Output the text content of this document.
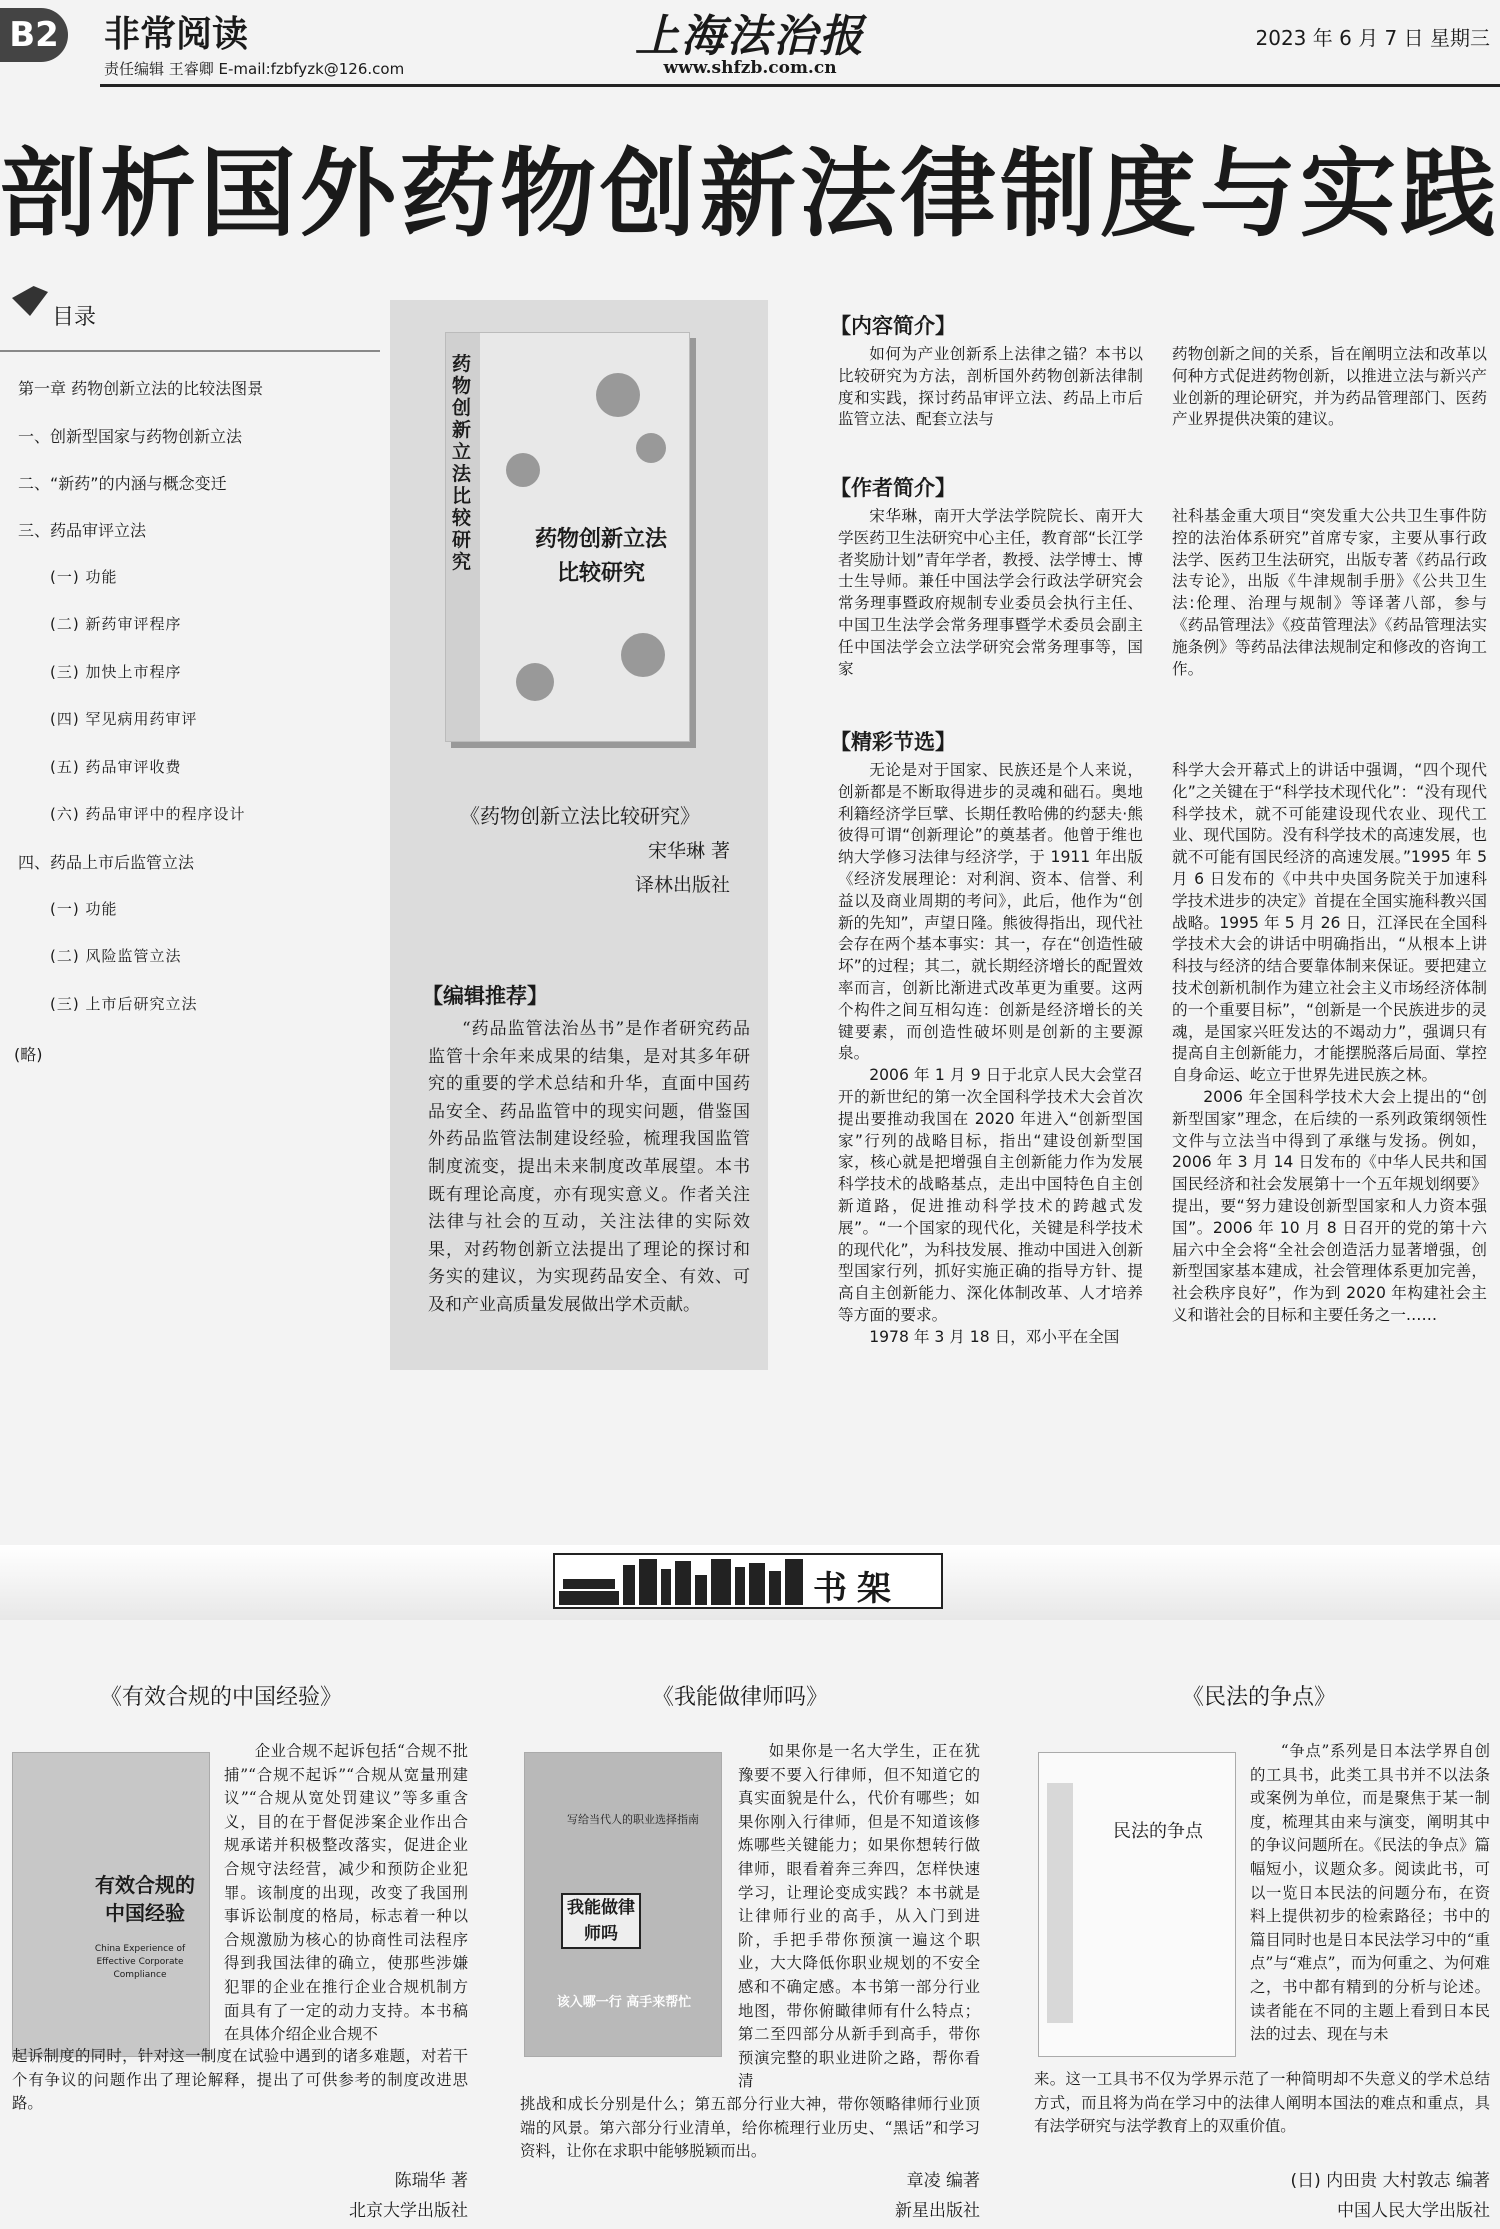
B2 非常阅读
责任编辑 王睿卿 E-mail:fzbfyzk@126.com
上海法治报
www.shfzb.com.cn
2023 年 6 月 7 日 星期三
剖析国外药物创新法律制度与实践
目录
第一章 药物创新立法的比较法图景
一、创新型国家与药物创新立法
二、“新药”的内涵与概念变迁
三、药品审评立法
(一) 功能
(二) 新药审评程序
(三) 加快上市程序
(四) 罕见病用药审评
(五) 药品审评收费
(六) 药品审评中的程序设计
四、药品上市后监管立法
(一) 功能
(二) 风险监管立法
(三) 上市后研究立法
(略)
药物创新立法比较研究
药物创新立法比较研究
《药物创新立法比较研究》
宋华琳 著
译林出版社
【编辑推荐】
“药品监管法治丛书”是作者研究药品监管十余年来成果的结集，是对其多年研究的重要的学术总结和升华，直面中国药品安全、药品监管中的现实问题，借鉴国外药品监管法制建设经验，梳理我国监管制度流变，提出未来制度改革展望。本书既有理论高度，亦有现实意义。作者关注法律与社会的互动，关注法律的实际效果，对药物创新立法提出了理论的探讨和务实的建议，为实现药品安全、有效、可及和产业高质量发展做出学术贡献。
【内容简介】

如何为产业创新系上法律之锚？本书以比较研究为方法，剖析国外药物创新法律制度和实践，探讨药品审评立法、药品上市后监管立法、配套立法与

药物创新之间的关系，旨在阐明立法和改革以何种方式促进药物创新，以推进立法与新兴产业创新的理论研究，并为药品管理部门、医药产业界提供决策的建议。
【作者简介】

宋华琳，南开大学法学院院长、南开大学医药卫生法研究中心主任，教育部“长江学者奖励计划”青年学者，教授、法学博士、博士生导师。兼任中国法学会行政法学研究会常务理事暨政府规制专业委员会执行主任、中国卫生法学会常务理事暨学术委员会副主任中国法学会立法学研究会常务理事等，国家

社科基金重大项目“突发重大公共卫生事件防控的法治体系研究”首席专家，主要从事行政法学、医药卫生法研究，出版专著《药品行政法专论》，出版《牛津规制手册》《公共卫生法:伦理、治理与规制》等译著八部，参与《药品管理法》《疫苗管理法》《药品管理法实施条例》等药品法律法规制定和修改的咨询工作。
【精彩节选】

无论是对于国家、民族还是个人来说，创新都是不断取得进步的灵魂和础石。奥地利籍经济学巨擘、长期任教哈佛的约瑟夫·熊彼得可谓“创新理论”的奠基者。他曾于维也纳大学修习法律与经济学，于 1911 年出版《经济发展理论：对利润、资本、信誉、利益以及商业周期的考问》，此后，他作为“创新的先知”，声望日隆。熊彼得指出，现代社会存在两个基本事实：其一，存在“创造性破坏”的过程；其二，就长期经济增长的配置效率而言，创新比渐进式改革更为重要。这两个构件之间互相勾连：创新是经济增长的关键要素，而创造性破坏则是创新的主要源泉。

2006 年 1 月 9 日于北京人民大会堂召开的新世纪的第一次全国科学技术大会首次提出要推动我国在 2020 年进入“创新型国家”行列的战略目标，指出“建设创新型国家，核心就是把增强自主创新能力作为发展科学技术的战略基点，走出中国特色自主创新道路，促进推动科学技术的跨越式发展”。“一个国家的现代化，关键是科学技术的现代化”，为科技发展、推动中国进入创新型国家行列，抓好实施正确的指导方针、提高自主创新能力、深化体制改革、人才培养等方面的要求。

1978 年 3 月 18 日，邓小平在全国

科学大会开幕式上的讲话中强调，“四个现代化”之关键在于“科学技术现代化”：“没有现代科学技术，就不可能建设现代农业、现代工业、现代国防。没有科学技术的高速发展，也就不可能有国民经济的高速发展。”1995 年 5 月 6 日发布的《中共中央国务院关于加速科学技术进步的决定》首提在全国实施科教兴国战略。1995 年 5 月 26 日，江泽民在全国科学技术大会的讲话中明确指出，“从根本上讲科技与经济的结合要靠体制来保证。要把建立技术创新机制作为建立社会主义市场经济体制的一个重要目标”，“创新是一个民族进步的灵魂，是国家兴旺发达的不竭动力”，强调只有提高自主创新能力，才能摆脱落后局面、掌控自身命运、屹立于世界先进民族之林。

2006 年全国科学技术大会上提出的“创新型国家”理念，在后续的一系列政策纲领性文件与立法当中得到了承继与发扬。例如，2006 年 3 月 14 日发布的《中华人民共和国国民经济和社会发展第十一个五年规划纲要》提出，要“努力建设创新型国家和人力资本强国”。2006 年 10 月 8 日召开的党的第十六届六中全会将“全社会创造活力显著增强，创新型国家基本建成，社会管理体系更加完善，社会秩序良好”，作为到 2020 年构建社会主义和谐社会的目标和主要任务之一……

书架
《有效合规的中国经验》
有效合规的中国经验
China Experience of Effective Corporate Compliance

企业合规不起诉包括“合规不批捕”“合规不起诉”“合规从宽量刑建议”“合规从宽处罚建议”等多重含义，目的在于督促涉案企业作出合规承诺并积极整改落实，促进企业合规守法经营，减少和预防企业犯罪。该制度的出现，改变了我国刑事诉讼制度的格局，标志着一种以合规激励为核心的协商性司法程序得到我国法律的确立，使那些涉嫌犯罪的企业在推行企业合规机制方面具有了一定的动力支持。本书稿在具体介绍企业合规不

起诉制度的同时，针对这一制度在试验中遇到的诸多难题，对若干个有争议的问题作出了理论解释，提出了可供参考的制度改进思路。
陈瑞华 著
北京大学出版社
《我能做律师吗》
写给当代人的职业选择指南
我能做律师吗
该入哪一行 高手来帮忙

如果你是一名大学生，正在犹豫要不要入行律师，但不知道它的真实面貌是什么，代价有哪些；如果你刚入行律师，但是不知道该修炼哪些关键能力；如果你想转行做律师，眼看着奔三奔四，怎样快速学习，让理论变成实践？本书就是让律师行业的高手，从入门到进阶，手把手带你预演一遍这个职业，大大降低你职业规划的不安全感和不确定感。本书第一部分行业地图，带你俯瞰律师有什么特点；第二至四部分从新手到高手，带你预演完整的职业进阶之路，帮你看清

挑战和成长分别是什么；第五部分行业大神，带你领略律师行业顶端的风景。第六部分行业清单，给你梳理行业历史、“黑话”和学习资料，让你在求职中能够脱颖而出。
章凌 编著
新星出版社
《民法的争点》
民法的争点

“争点”系列是日本法学界自创的工具书，此类工具书并不以法条或案例为单位，而是聚焦于某一制度，梳理其由来与演变，阐明其中的争议问题所在。《民法的争点》篇幅短小，议题众多。阅读此书，可以一览日本民法的问题分布，在资料上提供初步的检索路径；书中的篇目同时也是日本民法学习中的“重点”与“难点”，而为何重之、为何难之，书中都有精到的分析与论述。读者能在不同的主题上看到日本民法的过去、现在与未

来。这一工具书不仅为学界示范了一种简明却不失意义的学术总结方式，而且将为尚在学习中的法律人阐明本国法的难点和重点，具有法学研究与法学教育上的双重价值。
(日) 内田贵 大村敦志 编著
中国人民大学出版社
